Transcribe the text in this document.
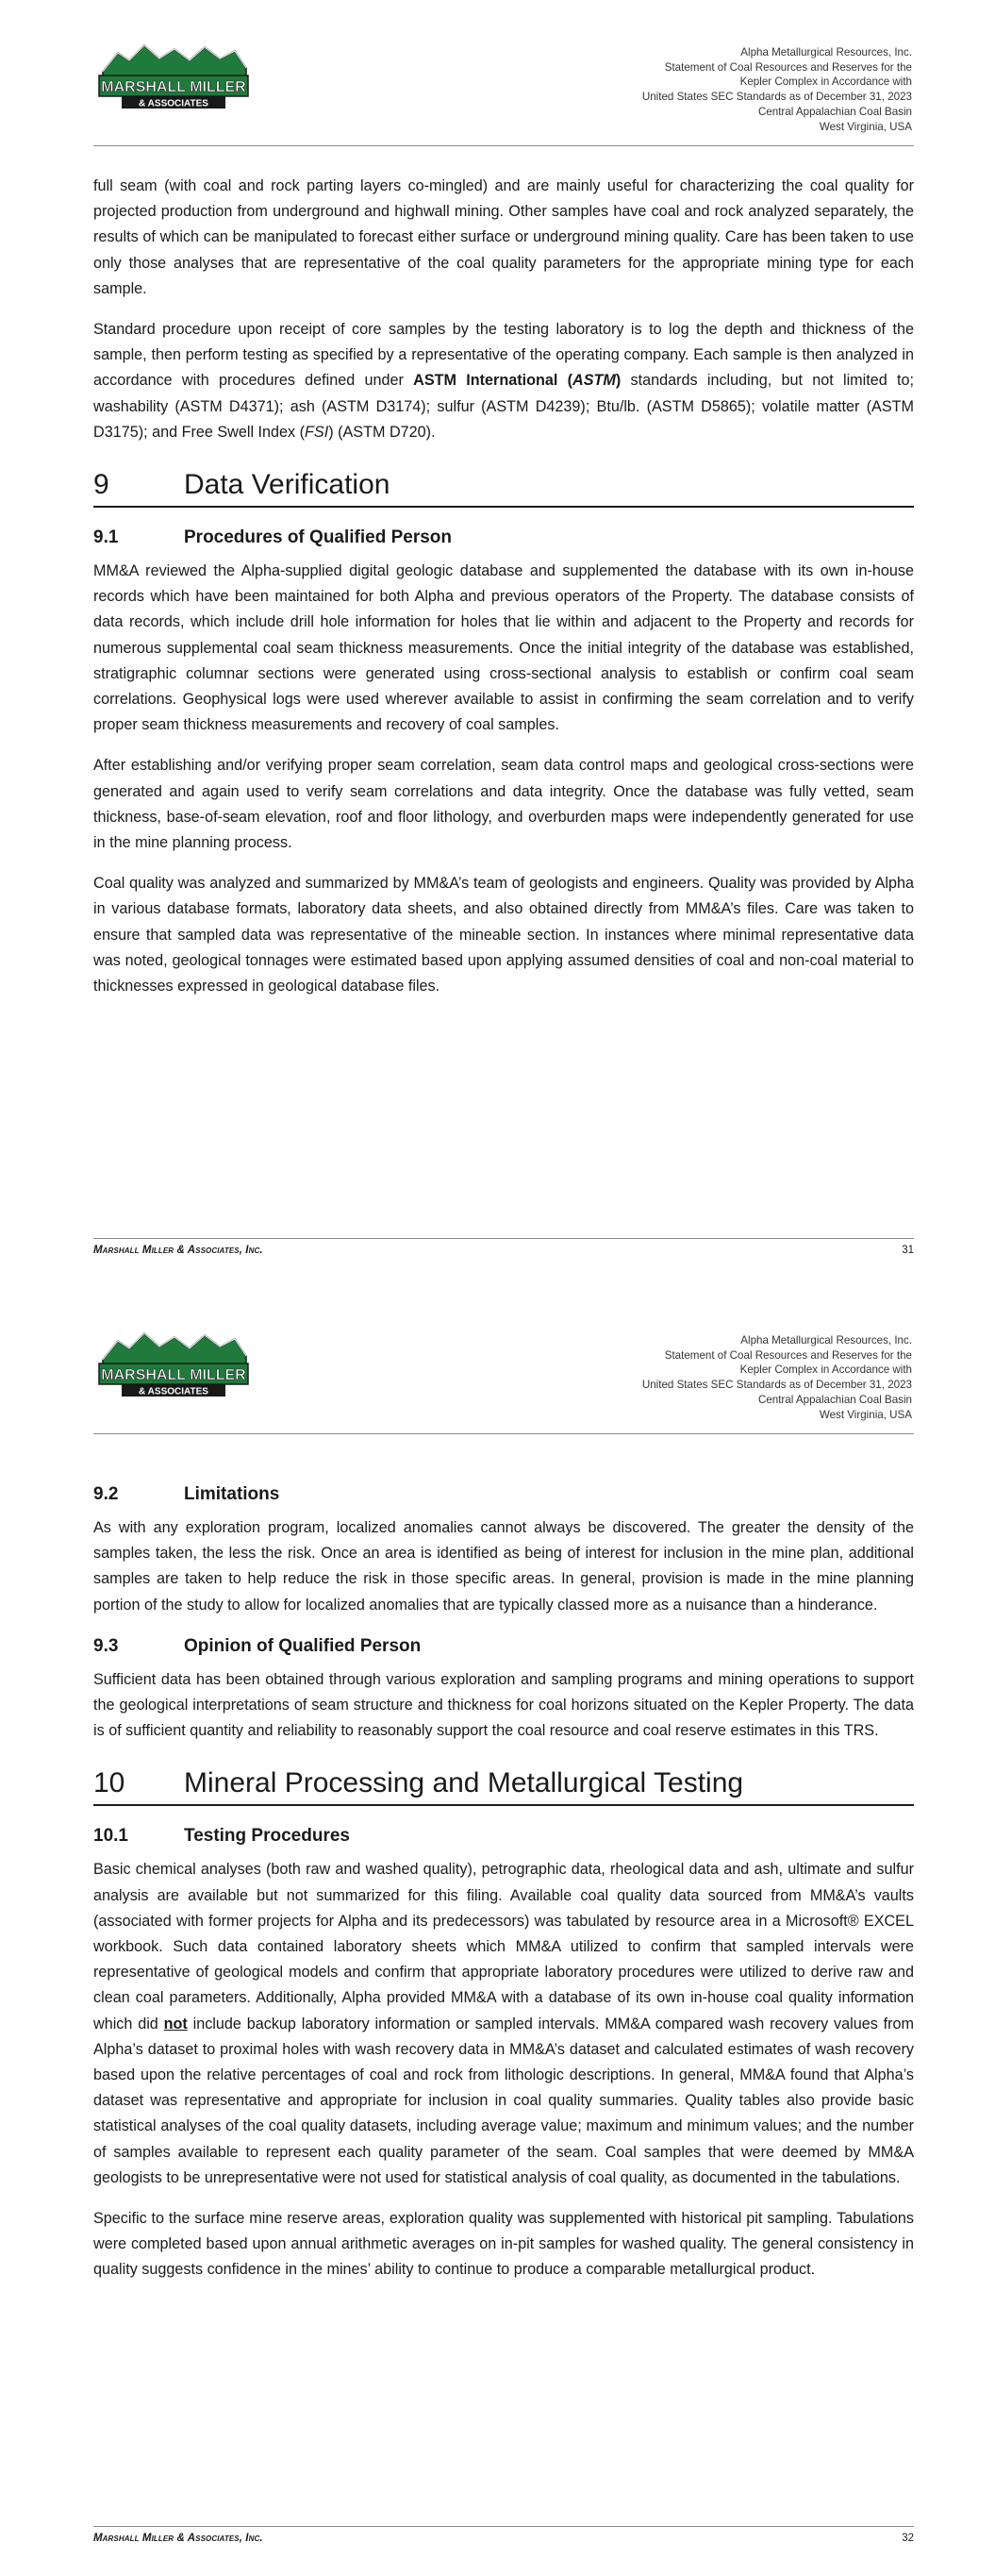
MARSHALL MILLER
& ASSOCIATES
Alpha Metallurgical Resources, Inc.
Statement of Coal Resources and Reserves for the
Kepler Complex in Accordance with
United States SEC Standards as of December 31, 2023
Central Appalachian Coal Basin
West Virginia, USA

full seam (with coal and rock parting layers co-mingled) and are mainly useful for characterizing the coal quality for projected production from underground and highwall mining. Other samples have coal and rock analyzed separately, the results of which can be manipulated to forecast either surface or underground mining quality. Care has been taken to use only those analyses that are representative of the coal quality parameters for the appropriate mining type for each sample.

Standard procedure upon receipt of core samples by the testing laboratory is to log the depth and thickness of the sample, then perform testing as specified by a representative of the operating company. Each sample is then analyzed in accordance with procedures defined under ASTM International (ASTM) standards including, but not limited to; washability (ASTM D4371); ash (ASTM D3174); sulfur (ASTM D4239); Btu/lb. (ASTM D5865); volatile matter (ASTM D3175); and Free Swell Index (FSI) (ASTM D720).

9	Data Verification
9.1	Procedures of Qualified Person

MM&A reviewed the Alpha-supplied digital geologic database and supplemented the database with its own in-house records which have been maintained for both Alpha and previous operators of the Property. The database consists of data records, which include drill hole information for holes that lie within and adjacent to the Property and records for numerous supplemental coal seam thickness measurements. Once the initial integrity of the database was established, stratigraphic columnar sections were generated using cross-sectional analysis to establish or confirm coal seam correlations. Geophysical logs were used wherever available to assist in confirming the seam correlation and to verify proper seam thickness measurements and recovery of coal samples.

After establishing and/or verifying proper seam correlation, seam data control maps and geological cross-sections were generated and again used to verify seam correlations and data integrity. Once the database was fully vetted, seam thickness, base-of-seam elevation, roof and floor lithology, and overburden maps were independently generated for use in the mine planning process.

Coal quality was analyzed and summarized by MM&A’s team of geologists and engineers. Quality was provided by Alpha in various database formats, laboratory data sheets, and also obtained directly from MM&A’s files. Care was taken to ensure that sampled data was representative of the mineable section. In instances where minimal representative data was noted, geological tonnages were estimated based upon applying assumed densities of coal and non-coal material to thicknesses expressed in geological database files.

Marshall Miller & Associates, Inc.	31
MARSHALL MILLER
& ASSOCIATES
Alpha Metallurgical Resources, Inc.
Statement of Coal Resources and Reserves for the
Kepler Complex in Accordance with
United States SEC Standards as of December 31, 2023
Central Appalachian Coal Basin
West Virginia, USA
9.2	Limitations

As with any exploration program, localized anomalies cannot always be discovered. The greater the density of the samples taken, the less the risk. Once an area is identified as being of interest for inclusion in the mine plan, additional samples are taken to help reduce the risk in those specific areas. In general, provision is made in the mine planning portion of the study to allow for localized anomalies that are typically classed more as a nuisance than a hinderance.

9.3	Opinion of Qualified Person

Sufficient data has been obtained through various exploration and sampling programs and mining operations to support the geological interpretations of seam structure and thickness for coal horizons situated on the Kepler Property. The data is of sufficient quantity and reliability to reasonably support the coal resource and coal reserve estimates in this TRS.

10	Mineral Processing and Metallurgical Testing
10.1	Testing Procedures

Basic chemical analyses (both raw and washed quality), petrographic data, rheological data and ash, ultimate and sulfur analysis are available but not summarized for this filing. Available coal quality data sourced from MM&A’s vaults (associated with former projects for Alpha and its predecessors) was tabulated by resource area in a Microsoft® EXCEL workbook. Such data contained laboratory sheets which MM&A utilized to confirm that sampled intervals were representative of geological models and confirm that appropriate laboratory procedures were utilized to derive raw and clean coal parameters. Additionally, Alpha provided MM&A with a database of its own in-house coal quality information which did not include backup laboratory information or sampled intervals. MM&A compared wash recovery values from Alpha’s dataset to proximal holes with wash recovery data in MM&A’s dataset and calculated estimates of wash recovery based upon the relative percentages of coal and rock from lithologic descriptions. In general, MM&A found that Alpha’s dataset was representative and appropriate for inclusion in coal quality summaries. Quality tables also provide basic statistical analyses of the coal quality datasets, including average value; maximum and minimum values; and the number of samples available to represent each quality parameter of the seam. Coal samples that were deemed by MM&A geologists to be unrepresentative were not used for statistical analysis of coal quality, as documented in the tabulations.

Specific to the surface mine reserve areas, exploration quality was supplemented with historical pit sampling. Tabulations were completed based upon annual arithmetic averages on in-pit samples for washed quality. The general consistency in quality suggests confidence in the mines’ ability to continue to produce a comparable metallurgical product.

Marshall Miller & Associates, Inc.	32
